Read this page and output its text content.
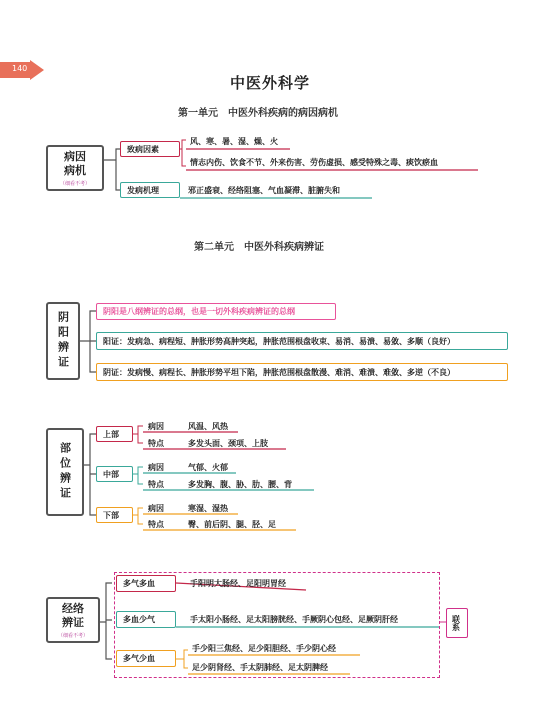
140
中医外科学
第一单元　中医外科疾病的病因病机
病因
病机
（细看不考）
致病因素
风、寒、暑、湿、燥、火
情志内伤、饮食不节、外来伤害、劳伤虚损、感受特殊之毒、痰饮瘀血
发病机理	邪正盛衰、经络阻塞、气血凝滞、脏腑失和
第二单元　中医外科疾病辨证
阴阳辨证	阴阳是八纲辨证的总纲，也是一切外科疾病辨证的总纲
阳证：发病急、病程短、肿胀形势高肿突起，肿胀范围根盘收束、易消、易溃、易敛、多顺（良好）
阴证：发病慢、病程长、肿胀形势平坦下陷，肿胀范围根盘散漫、难消、难溃、难敛、多逆（不良）
部位辨证
上部
病因	风温、风热
特点	多发头面、颈项、上肢
中部
病因	气郁、火郁
特点	多发胸、腹、胁、肋、腰、背
下部
病因	寒湿、湿热
特点	臀、前后阴、腿、胫、足
经络
辨证
（细看不考）
多气多血	手阳明大肠经、足阳明胃经
多血少气	手太阳小肠经、足太阳膀胱经、手厥阴心包经、足厥阴肝经
多气少血
手少阳三焦经、足少阳胆经、手少阴心经
足少阴肾经、手太阴肺经、足太阴脾经
联系
